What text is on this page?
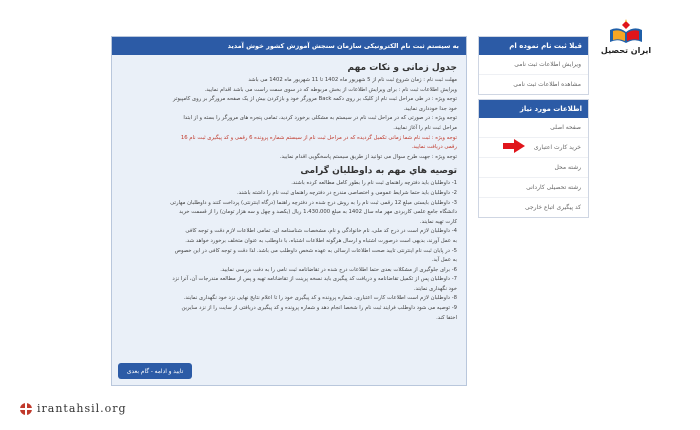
ایران تحصیل
قبلا ثبت نام نموده ام
ویرایش اطلاعات ثبت نامی
مشاهده اطلاعات ثبت نامی
اطلاعات مورد نیاز
صفحه اصلی
خرید کارت اعتباری
رشته محل
رشته تحصیلی کاردانی
کد پیگیری اتباع خارجی
به سیستم ثبت نام الکترونیکی سازمان سنجش آموزش کشور خوش آمدید
جدول زمانی و نکات مهم

مهلت ثبت نام : زمان شروع ثبت نام از 5 شهریور ماه 1402 تا 11 شهریور ماه 1402 می باشد

ویرایش اطلاعات ثبت نام : برای ویرایش اطلاعات از بخش مربوطه که در سوی سمت راست می باشد اقدام نمایید.

توجه ویژه : در طی مراحل ثبت نام از کلیک بر روی دکمه Back مرورگر خود و بازکردن بیش از یک صفحه مرورگر بر روی کامپیوتر

خود جدا خودداری نمایید.

توجه ویژه : در صورتی که در مراحل ثبت نام در سیستم به مشکلی برخورد کردید، تمامی پنجره های مرورگر را بسته و از ابتدا

مراحل ثبت نام را آغاز نمایید.

توجه ویژه : ثبت نام شما زمانی تکمیل گردیده که در مراحل ثبت نام از سیستم شماره پرونده 6 رقمی و کد پیگیری ثبت نام 16

رقمی دریافت نمایید.

توجه ویژه : جهت طرح سوال می توانید از طریق سیستم پاسخگویی اقدام نمایید.

توصیه هاي مهم به داوطلبان گرامی

1- داوطلبان باید دفترچه راهنمای ثبت نام را بطور کامل مطالعه کرده باشند.

2- داوطلبان باید حتما شرایط عمومی و اختصاصی مندرج در دفترچه راهنمای ثبت نام را داشته باشند.

3- داوطلبان بایستی مبلغ 12 رقمی ثبت نام را به روش درج شده در دفترچه راهنما (درگاه اینترنتی) پرداخت کنند و داوطلبان مهارتی

دانشگاه جامع علمی کاربردی مهر ماه سال 1402 به مبلغ 1،430،000 ریال (یکصد و چهل و سه هزار تومان) را از قسمت خرید

کارت تهیه نمایند.

4- داوطلبان لازم است در درج کد ملی، نام خانوادگی و نام، مشخصات شناسنامه ای، تمامی اطلاعات لازم دقت و توجه کافی

به عمل آورند، بدیهی است درصورت اشتباه و ارسال هرگونه اطلاعات اشتباه، با داوطلب به عنوان متخلف برخورد خواهد شد.

5- در پایان ثبت نام اینترنتی تایید صحت اطلاعات ارسالی به عهده شخص داوطلب می باشد. لذا دقت و توجه کافی در این خصوص

به عمل آید.

6- برای جلوگیری از مشکلات بعدی حتما اطلاعات درج شده در تقاضانامه ثبت نامی را به دقت بررسی نمایید.

7- داوطلبان پس از تکمیل تقاضانامه و دریافت کد پیگیری باید نسخه پرینت از تقاضانامه تهیه و پس از مطالعه مندرجات آن، آنرا نزد

خود نگهداری نمایند.

8- داوطلبان لازم است اطلاعات کارت اعتباری، شماره پرونده و کد پیگیری خود را تا اعلام نتایج نهایی نزد خود نگهداری نمایند.

9- توصیه می شود داوطلب فرایند ثبت نام را شخصا انجام دهد و شماره پرونده و کد پیگیری دریافتی از سایت را از نزد سایرین

اختفا کند.

تایید و ادامه - گام بعدی
irantahsil.org
